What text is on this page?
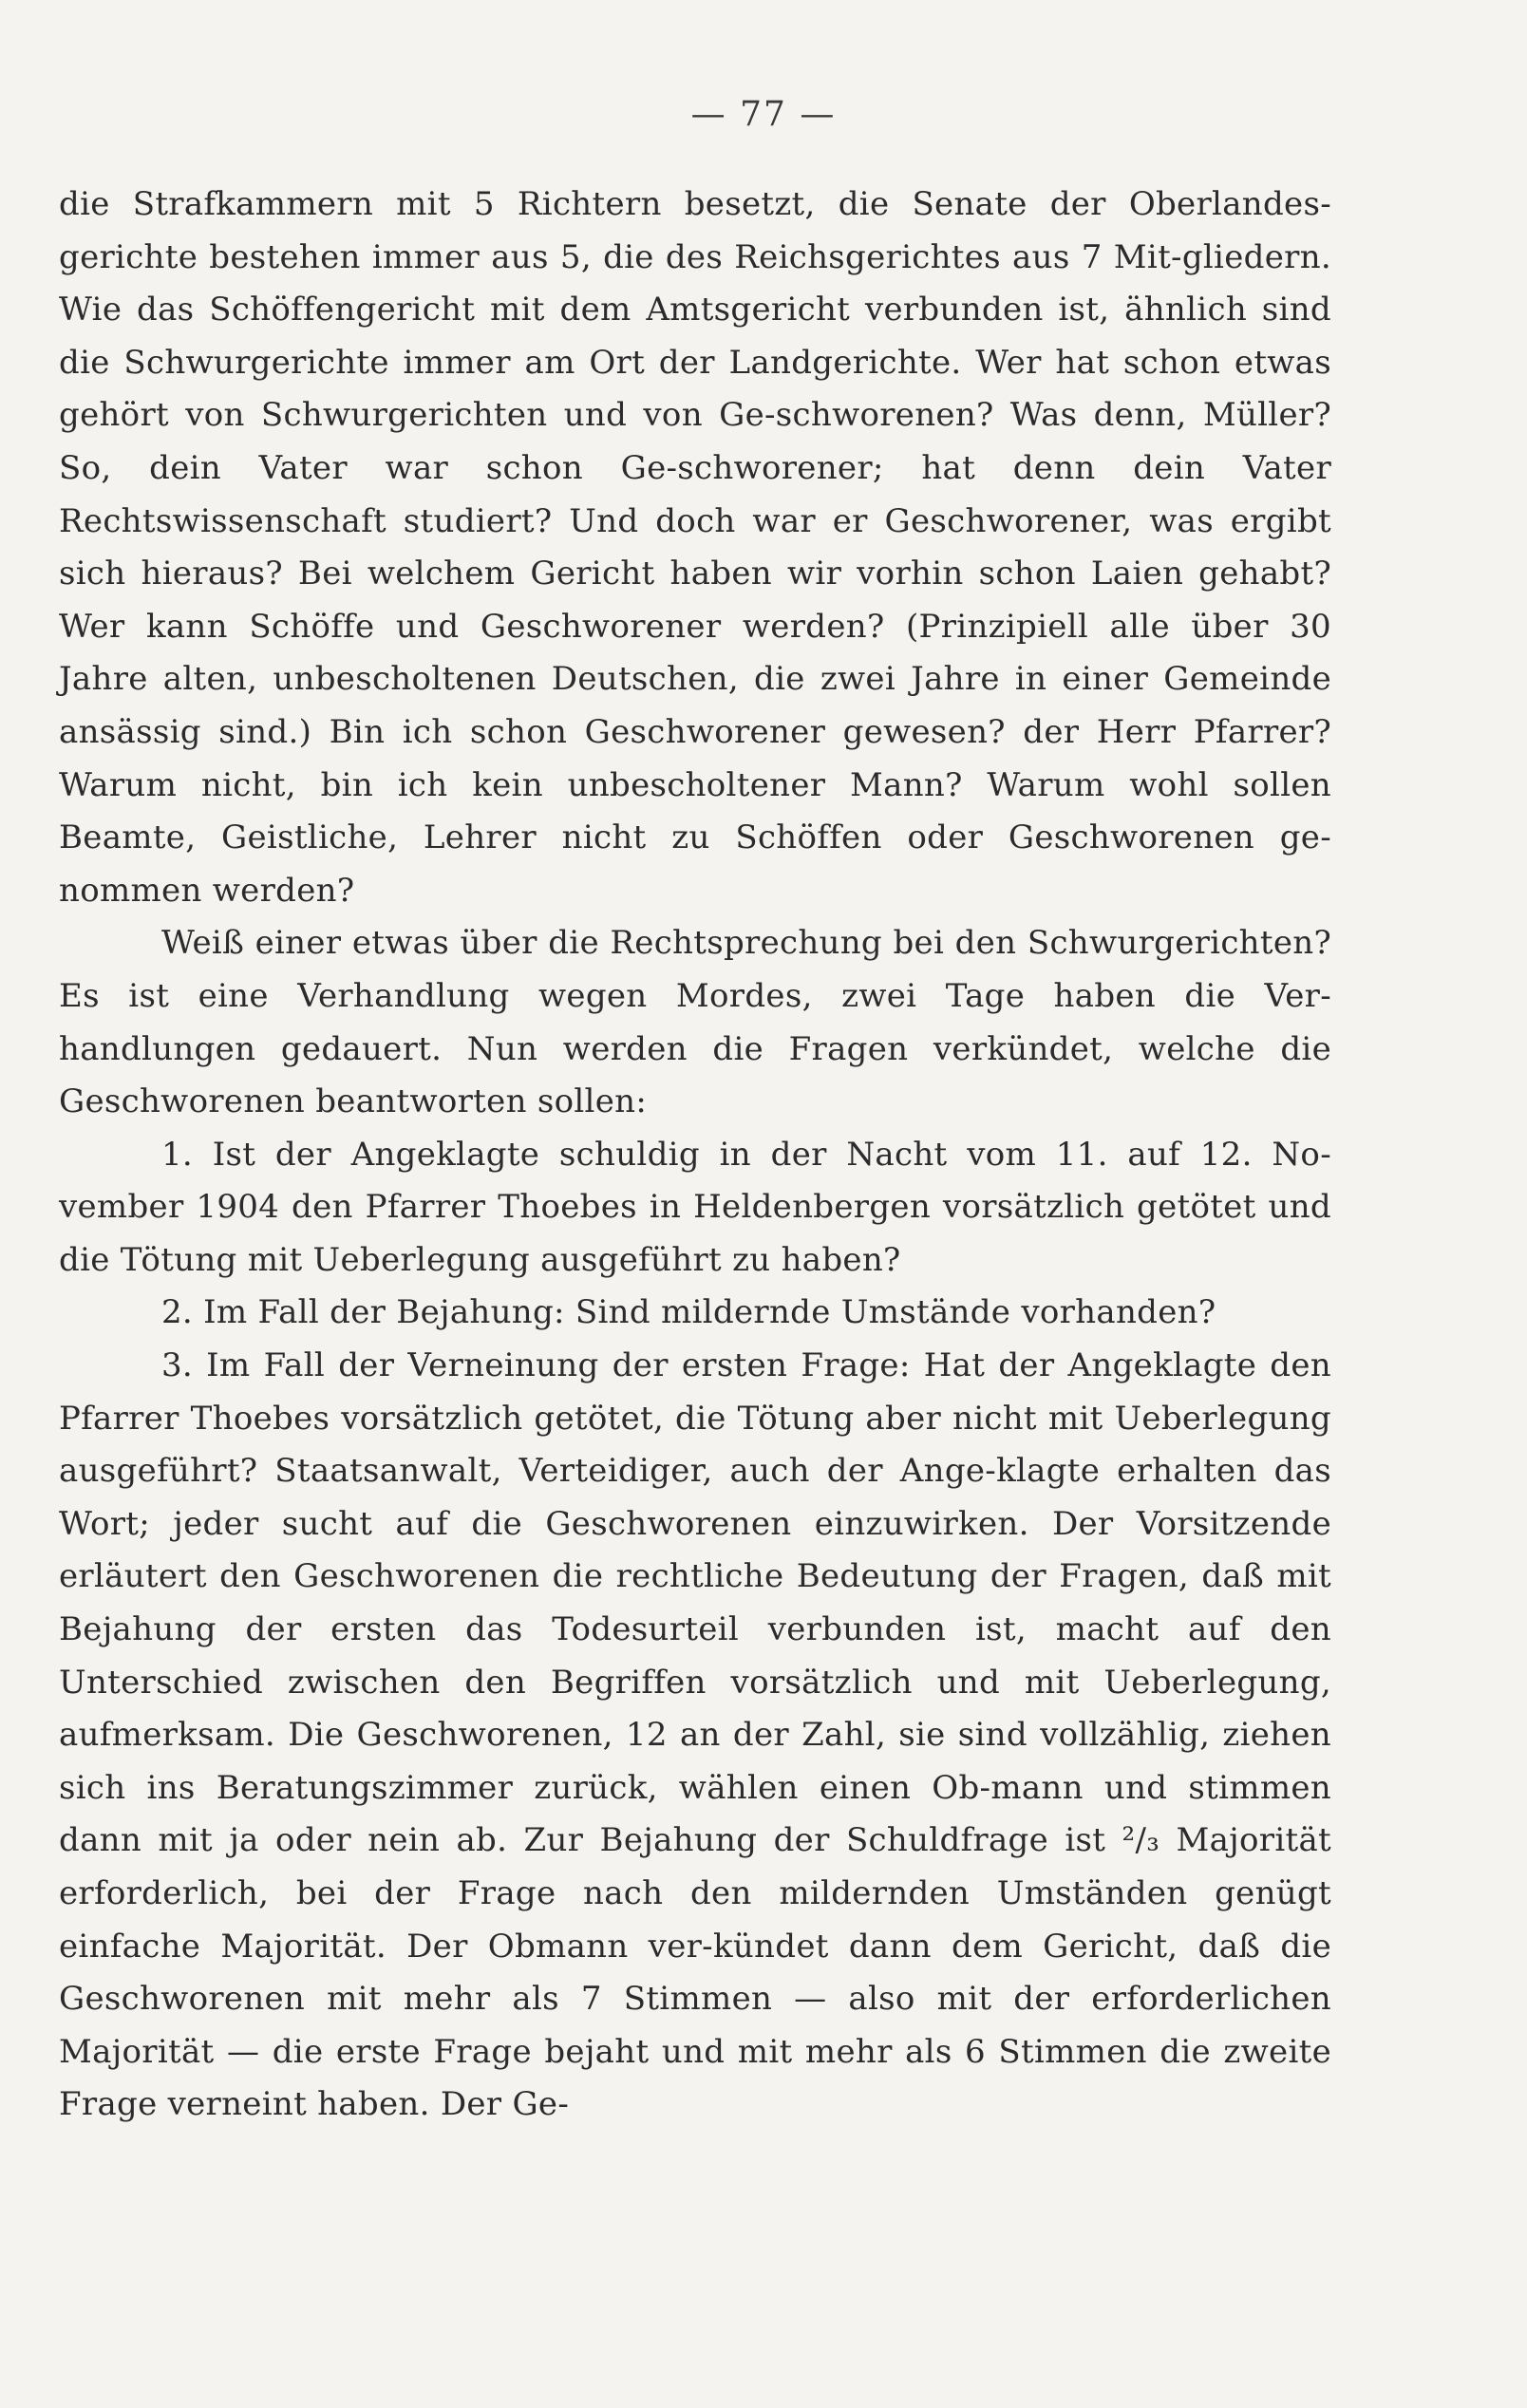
— 77 —

die Strafkammern mit 5 Richtern besetzt, die Senate der Oberlandes-gerichte bestehen immer aus 5, die des Reichsgerichtes aus 7 Mit-gliedern. Wie das Schöffengericht mit dem Amtsgericht verbunden ist, ähnlich sind die Schwurgerichte immer am Ort der Landgerichte. Wer hat schon etwas gehört von Schwurgerichten und von Ge-schworenen? Was denn, Müller? So, dein Vater war schon Ge-schworener; hat denn dein Vater Rechtswissenschaft studiert? Und doch war er Geschworener, was ergibt sich hieraus? Bei welchem Gericht haben wir vorhin schon Laien gehabt? Wer kann Schöffe und Geschworener werden? (Prinzipiell alle über 30 Jahre alten, unbescholtenen Deutschen, die zwei Jahre in einer Gemeinde ansässig sind.) Bin ich schon Geschworener gewesen? der Herr Pfarrer? Warum nicht, bin ich kein unbescholtener Mann? Warum wohl sollen Beamte, Geistliche, Lehrer nicht zu Schöffen oder Geschworenen ge-nommen werden?

Weiß einer etwas über die Rechtsprechung bei den Schwurgerichten? Es ist eine Verhandlung wegen Mordes, zwei Tage haben die Ver-handlungen gedauert. Nun werden die Fragen verkündet, welche die Geschworenen beantworten sollen:

1. Ist der Angeklagte schuldig in der Nacht vom 11. auf 12. No-vember 1904 den Pfarrer Thoebes in Heldenbergen vorsätzlich getötet und die Tötung mit Ueberlegung ausgeführt zu haben?

2. Im Fall der Bejahung: Sind mildernde Umstände vorhanden?

3. Im Fall der Verneinung der ersten Frage: Hat der Angeklagte den Pfarrer Thoebes vorsätzlich getötet, die Tötung aber nicht mit Ueberlegung ausgeführt? Staatsanwalt, Verteidiger, auch der Ange-klagte erhalten das Wort; jeder sucht auf die Geschworenen einzuwirken. Der Vorsitzende erläutert den Geschworenen die rechtliche Bedeutung der Fragen, daß mit Bejahung der ersten das Todesurteil verbunden ist, macht auf den Unterschied zwischen den Begriffen vorsätzlich und mit Ueberlegung, aufmerksam. Die Geschworenen, 12 an der Zahl, sie sind vollzählig, ziehen sich ins Beratungszimmer zurück, wählen einen Ob-mann und stimmen dann mit ja oder nein ab. Zur Bejahung der Schuldfrage ist ²/₃ Majorität erforderlich, bei der Frage nach den mildernden Umständen genügt einfache Majorität. Der Obmann ver-kündet dann dem Gericht, daß die Geschworenen mit mehr als 7 Stimmen — also mit der erforderlichen Majorität — die erste Frage bejaht und mit mehr als 6 Stimmen die zweite Frage verneint haben. Der Ge-
